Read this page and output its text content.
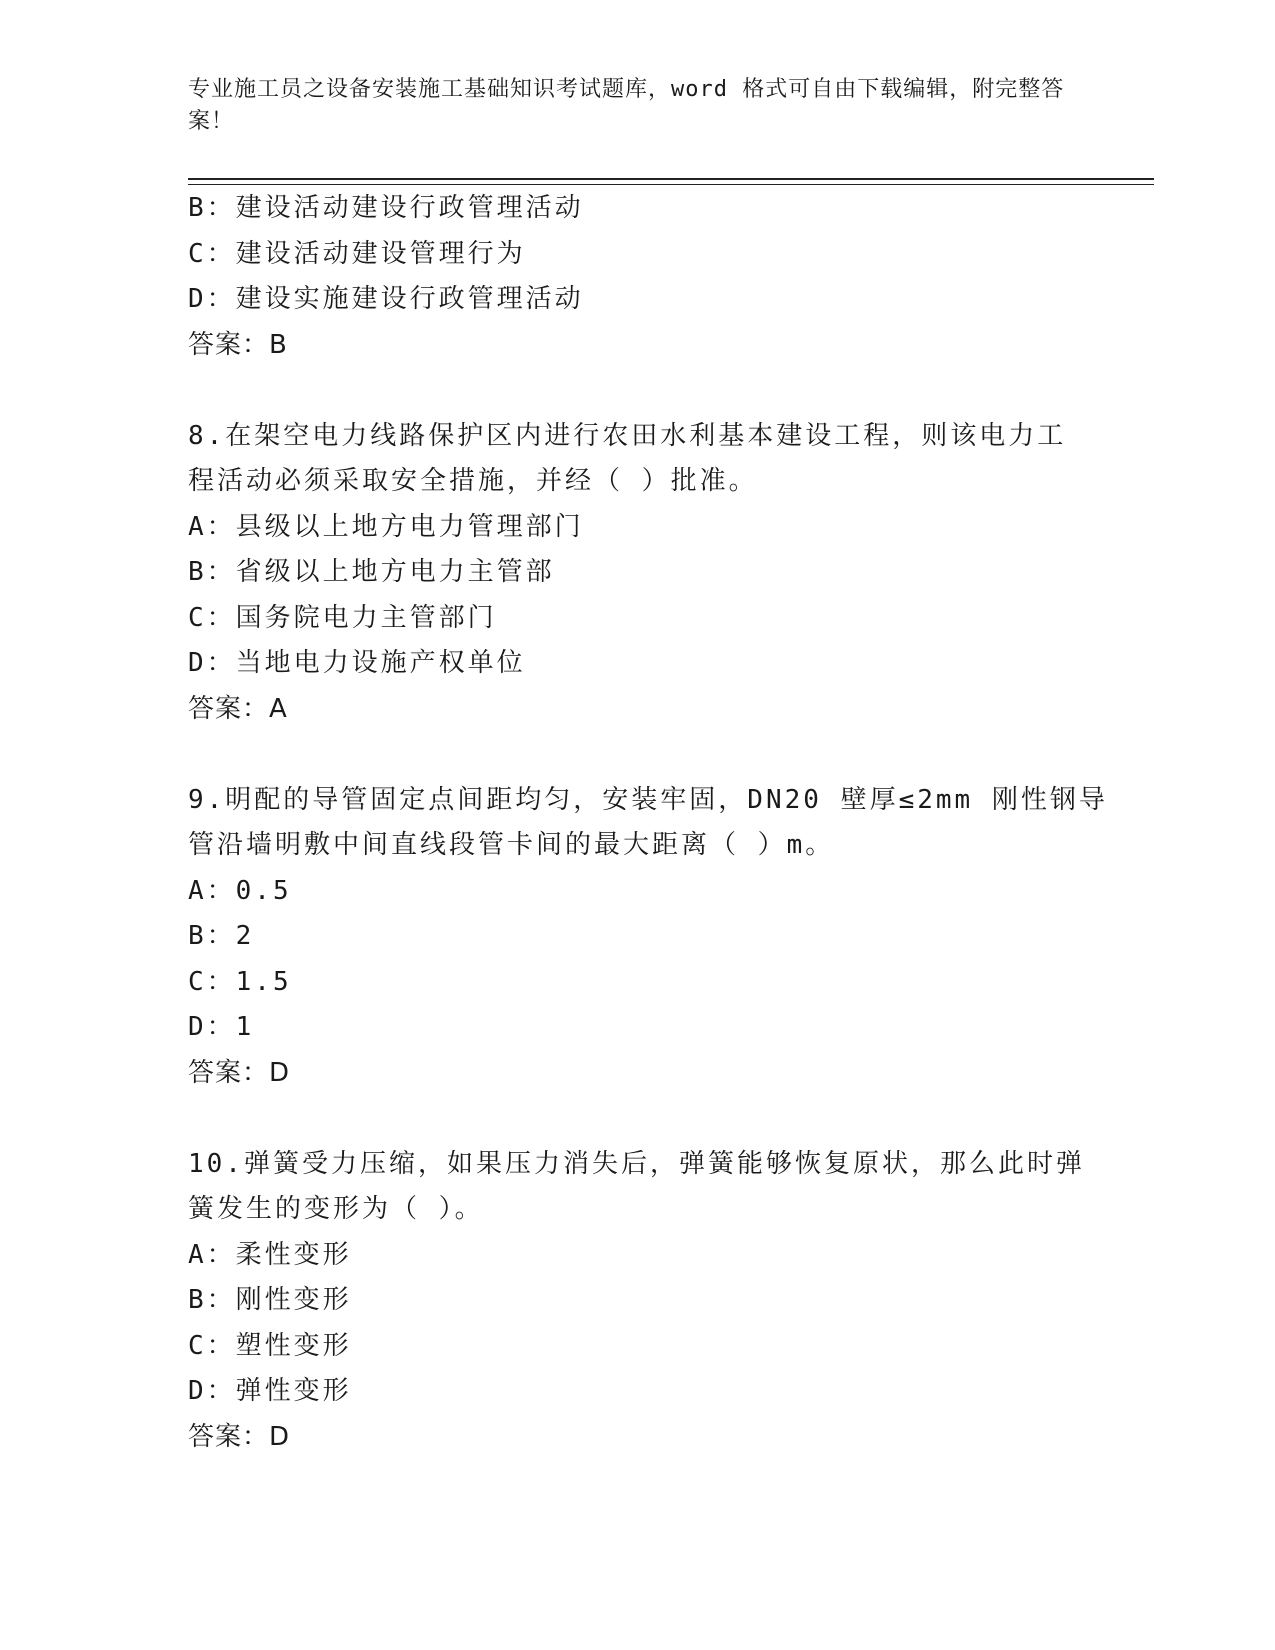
专业施工员之设备安装施工基础知识考试题库，word 格式可自由下载编辑，附完整答案！
B：建设活动建设行政管理活动
C：建设活动建设管理行为
D：建设实施建设行政管理活动
答案：B
8.在架空电力线路保护区内进行农田水利基本建设工程，则该电力工
程活动必须采取安全措施，并经（ ）批准。
A：县级以上地方电力管理部门
B：省级以上地方电力主管部
C：国务院电力主管部门
D：当地电力设施产权单位
答案：A
9.明配的导管固定点间距均匀，安装牢固，DN20 壁厚≤2mm 刚性钢导
管沿墙明敷中间直线段管卡间的最大距离（ ）m。
A：0.5
B：2
C：1.5
D：1
答案：D
10.弹簧受力压缩，如果压力消失后，弹簧能够恢复原状，那么此时弹
簧发生的变形为（ ）。
A：柔性变形
B：刚性变形
C：塑性变形
D：弹性变形
答案：D
